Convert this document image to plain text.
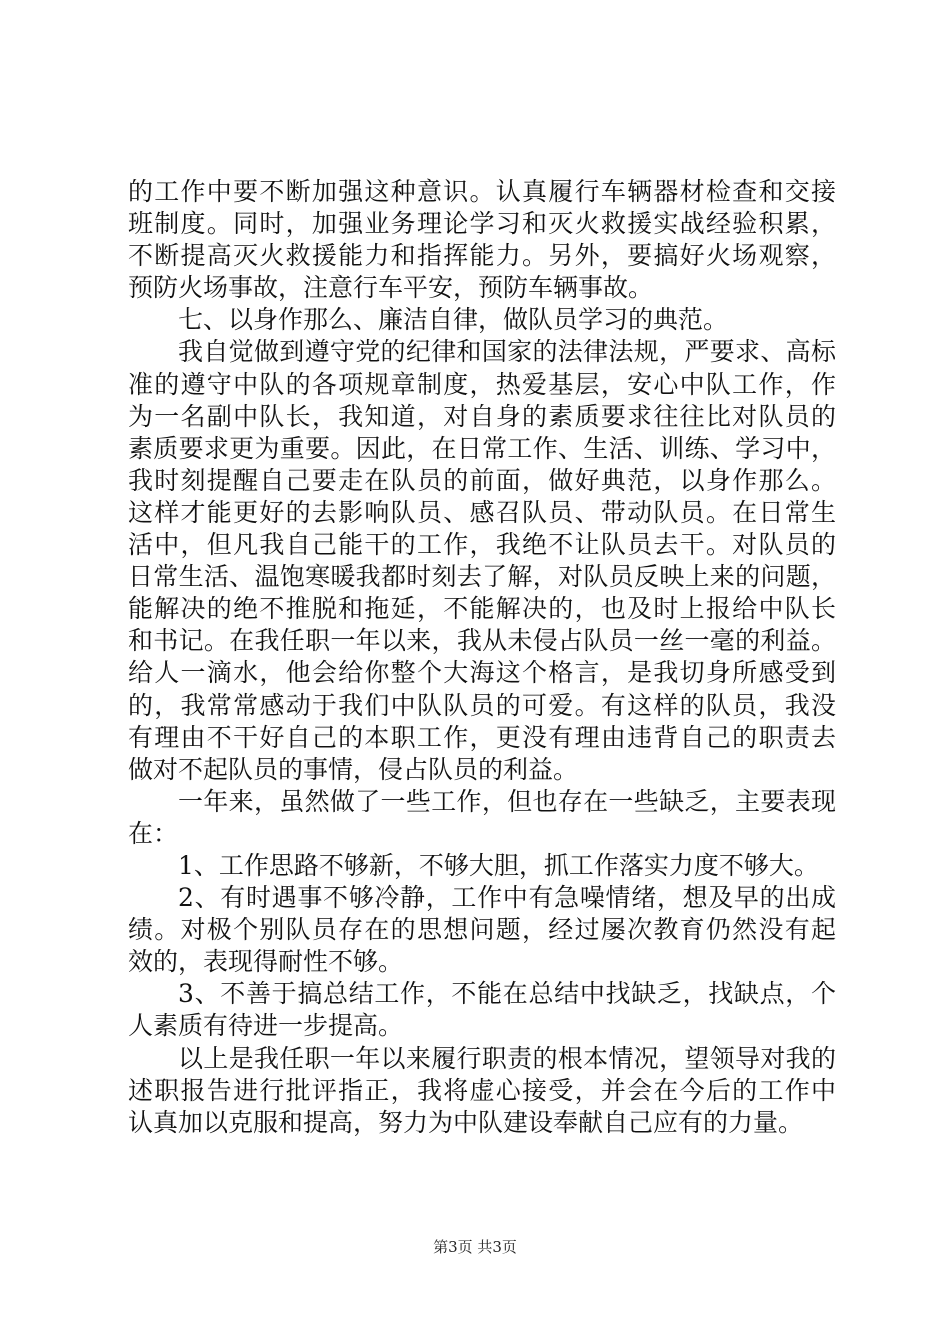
的工作中要不断加强这种意识。认真履行车辆器材检查和交接
班制度。同时，加强业务理论学习和灭火救援实战经验积累，
不断提高灭火救援能力和指挥能力。另外，要搞好火场观察，
预防火场事故，注意行车平安，预防车辆事故。
七、以身作那么、廉洁自律，做队员学习的典范。
我自觉做到遵守党的纪律和国家的法律法规，严要求、高标
准的遵守中队的各项规章制度，热爱基层，安心中队工作，作
为一名副中队长，我知道，对自身的素质要求往往比对队员的
素质要求更为重要。因此，在日常工作、生活、训练、学习中，
我时刻提醒自己要走在队员的前面，做好典范，以身作那么。
这样才能更好的去影响队员、感召队员、带动队员。在日常生
活中，但凡我自己能干的工作，我绝不让队员去干。对队员的
日常生活、温饱寒暖我都时刻去了解，对队员反映上来的问题，
能解决的绝不推脱和拖延，不能解决的，也及时上报给中队长
和书记。在我任职一年以来，我从未侵占队员一丝一毫的利益。
给人一滴水，他会给你整个大海这个格言，是我切身所感受到
的，我常常感动于我们中队队员的可爱。有这样的队员，我没
有理由不干好自己的本职工作，更没有理由违背自己的职责去
做对不起队员的事情，侵占队员的利益。
一年来，虽然做了一些工作，但也存在一些缺乏，主要表现
在：
1、工作思路不够新，不够大胆，抓工作落实力度不够大。
2、有时遇事不够冷静，工作中有急噪情绪，想及早的出成
绩。对极个别队员存在的思想问题，经过屡次教育仍然没有起
效的，表现得耐性不够。
3、不善于搞总结工作，不能在总结中找缺乏，找缺点，个
人素质有待进一步提高。
以上是我任职一年以来履行职责的根本情况，望领导对我的
述职报告进行批评指正，我将虚心接受，并会在今后的工作中
认真加以克服和提高，努力为中队建设奉献自己应有的力量。
第3页 共3页
